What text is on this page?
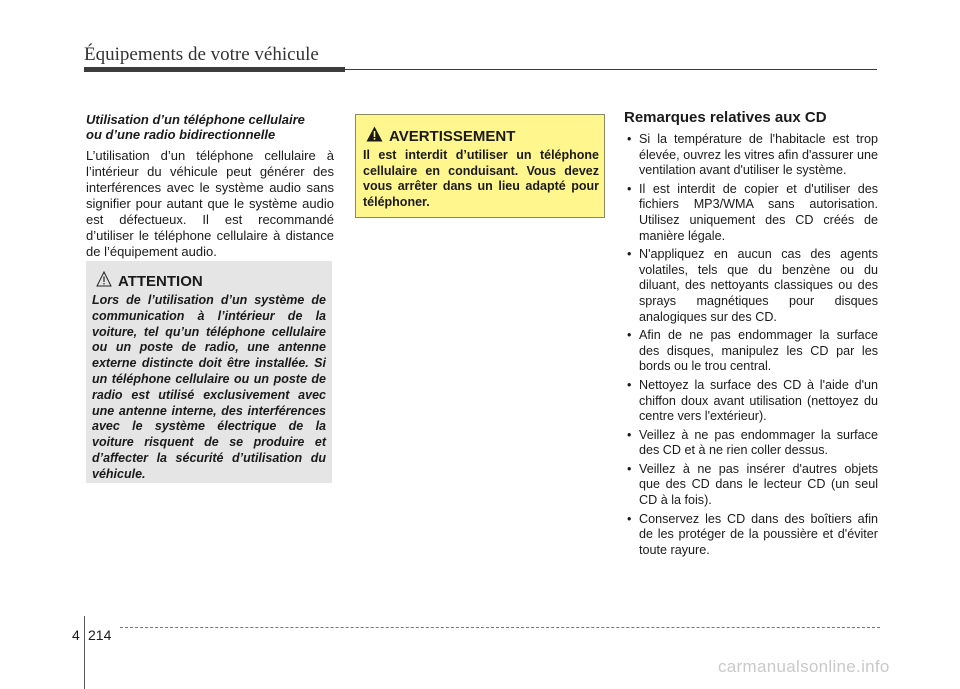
Équipements de votre véhicule

Utilisation d’un téléphone cellulaire
ou d’une radio bidirectionnelle

L’utilisation d’un téléphone cellulaire à l’intérieur du véhicule peut générer des interférences avec le système audio sans signifier pour autant que le système audio est défectueux. Il est recommandé d’utiliser le téléphone cellulaire à distance de l’équipement audio.

ATTENTION
Lors de l’utilisation d’un système de communication à l’intérieur de la voiture, tel qu’un téléphone cellulaire ou un poste de radio, une antenne externe distincte doit être installée. Si un téléphone cellulaire ou un poste de radio est utilisé exclusivement avec une antenne interne, des interférences avec le système électrique de la voiture risquent de se produire et d’affecter la sécurité d’utilisation du véhicule.
AVERTISSEMENT
Il est interdit d’utiliser un téléphone cellulaire en conduisant. Vous devez vous arrêter dans un lieu adapté pour téléphoner.

Remarques relatives aux CD

• Si la température de l'habitacle est trop élevée, ouvrez les vitres afin d'assurer une ventilation avant d'utiliser le système.
• Il est interdit de copier et d'utiliser des fichiers MP3/WMA sans autorisation. Utilisez uniquement des CD créés de manière légale.
• N'appliquez en aucun cas des agents volatiles, tels que du benzène ou du diluant, des nettoyants classiques ou des sprays magnétiques pour disques analogiques sur des CD.
• Afin de ne pas endommager la surface des disques, manipulez les CD par les bords ou le trou central.
• Nettoyez la surface des CD à l'aide d'un chiffon doux avant utilisation (nettoyez du centre vers l'extérieur).
• Veillez à ne pas endommager la surface des CD et à ne rien coller dessus.
• Veillez à ne pas insérer d'autres objets que des CD dans le lecteur CD (un seul CD à la fois).
• Conservez les CD dans des boîtiers afin de les protéger de la poussière et d'éviter toute rayure.
4 214
carmanualsonline.info
